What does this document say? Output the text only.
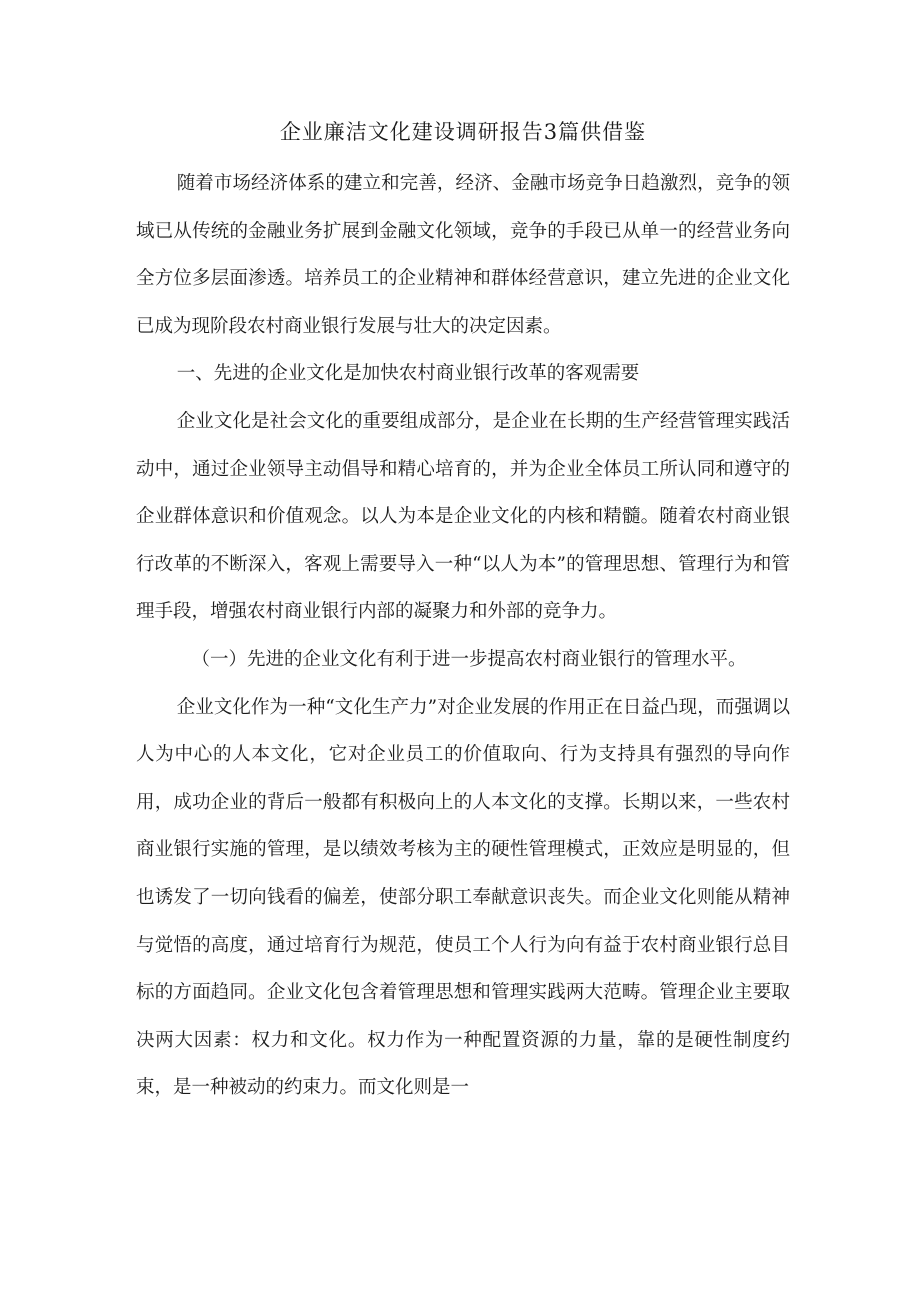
企业廉洁文化建设调研报告3篇供借鉴

随着市场经济体系的建立和完善，经济、金融市场竞争日趋激烈，竞争的领域已从传统的金融业务扩展到金融文化领域，竞争的手段已从单一的经营业务向全方位多层面渗透。培养员工的企业精神和群体经营意识，建立先进的企业文化已成为现阶段农村商业银行发展与壮大的决定因素。

一、先进的企业文化是加快农村商业银行改革的客观需要

企业文化是社会文化的重要组成部分，是企业在长期的生产经营管理实践活动中，通过企业领导主动倡导和精心培育的，并为企业全体员工所认同和遵守的企业群体意识和价值观念。以人为本是企业文化的内核和精髓。随着农村商业银行改革的不断深入，客观上需要导入一种“以人为本”的管理思想、管理行为和管理手段，增强农村商业银行内部的凝聚力和外部的竞争力。

（一）先进的企业文化有利于进一步提高农村商业银行的管理水平。

企业文化作为一种“文化生产力”对企业发展的作用正在日益凸现，而强调以人为中心的人本文化，它对企业员工的价值取向、行为支持具有强烈的导向作用，成功企业的背后一般都有积极向上的人本文化的支撑。长期以来，一些农村商业银行实施的管理，是以绩效考核为主的硬性管理模式，正效应是明显的，但也诱发了一切向钱看的偏差，使部分职工奉献意识丧失。而企业文化则能从精神与觉悟的高度，通过培育行为规范，使员工个人行为向有益于农村商业银行总目标的方面趋同。企业文化包含着管理思想和管理实践两大范畴。管理企业主要取决两大因素：权力和文化。权力作为一种配置资源的力量，靠的是硬性制度约束，是一种被动的约束力。而文化则是一
